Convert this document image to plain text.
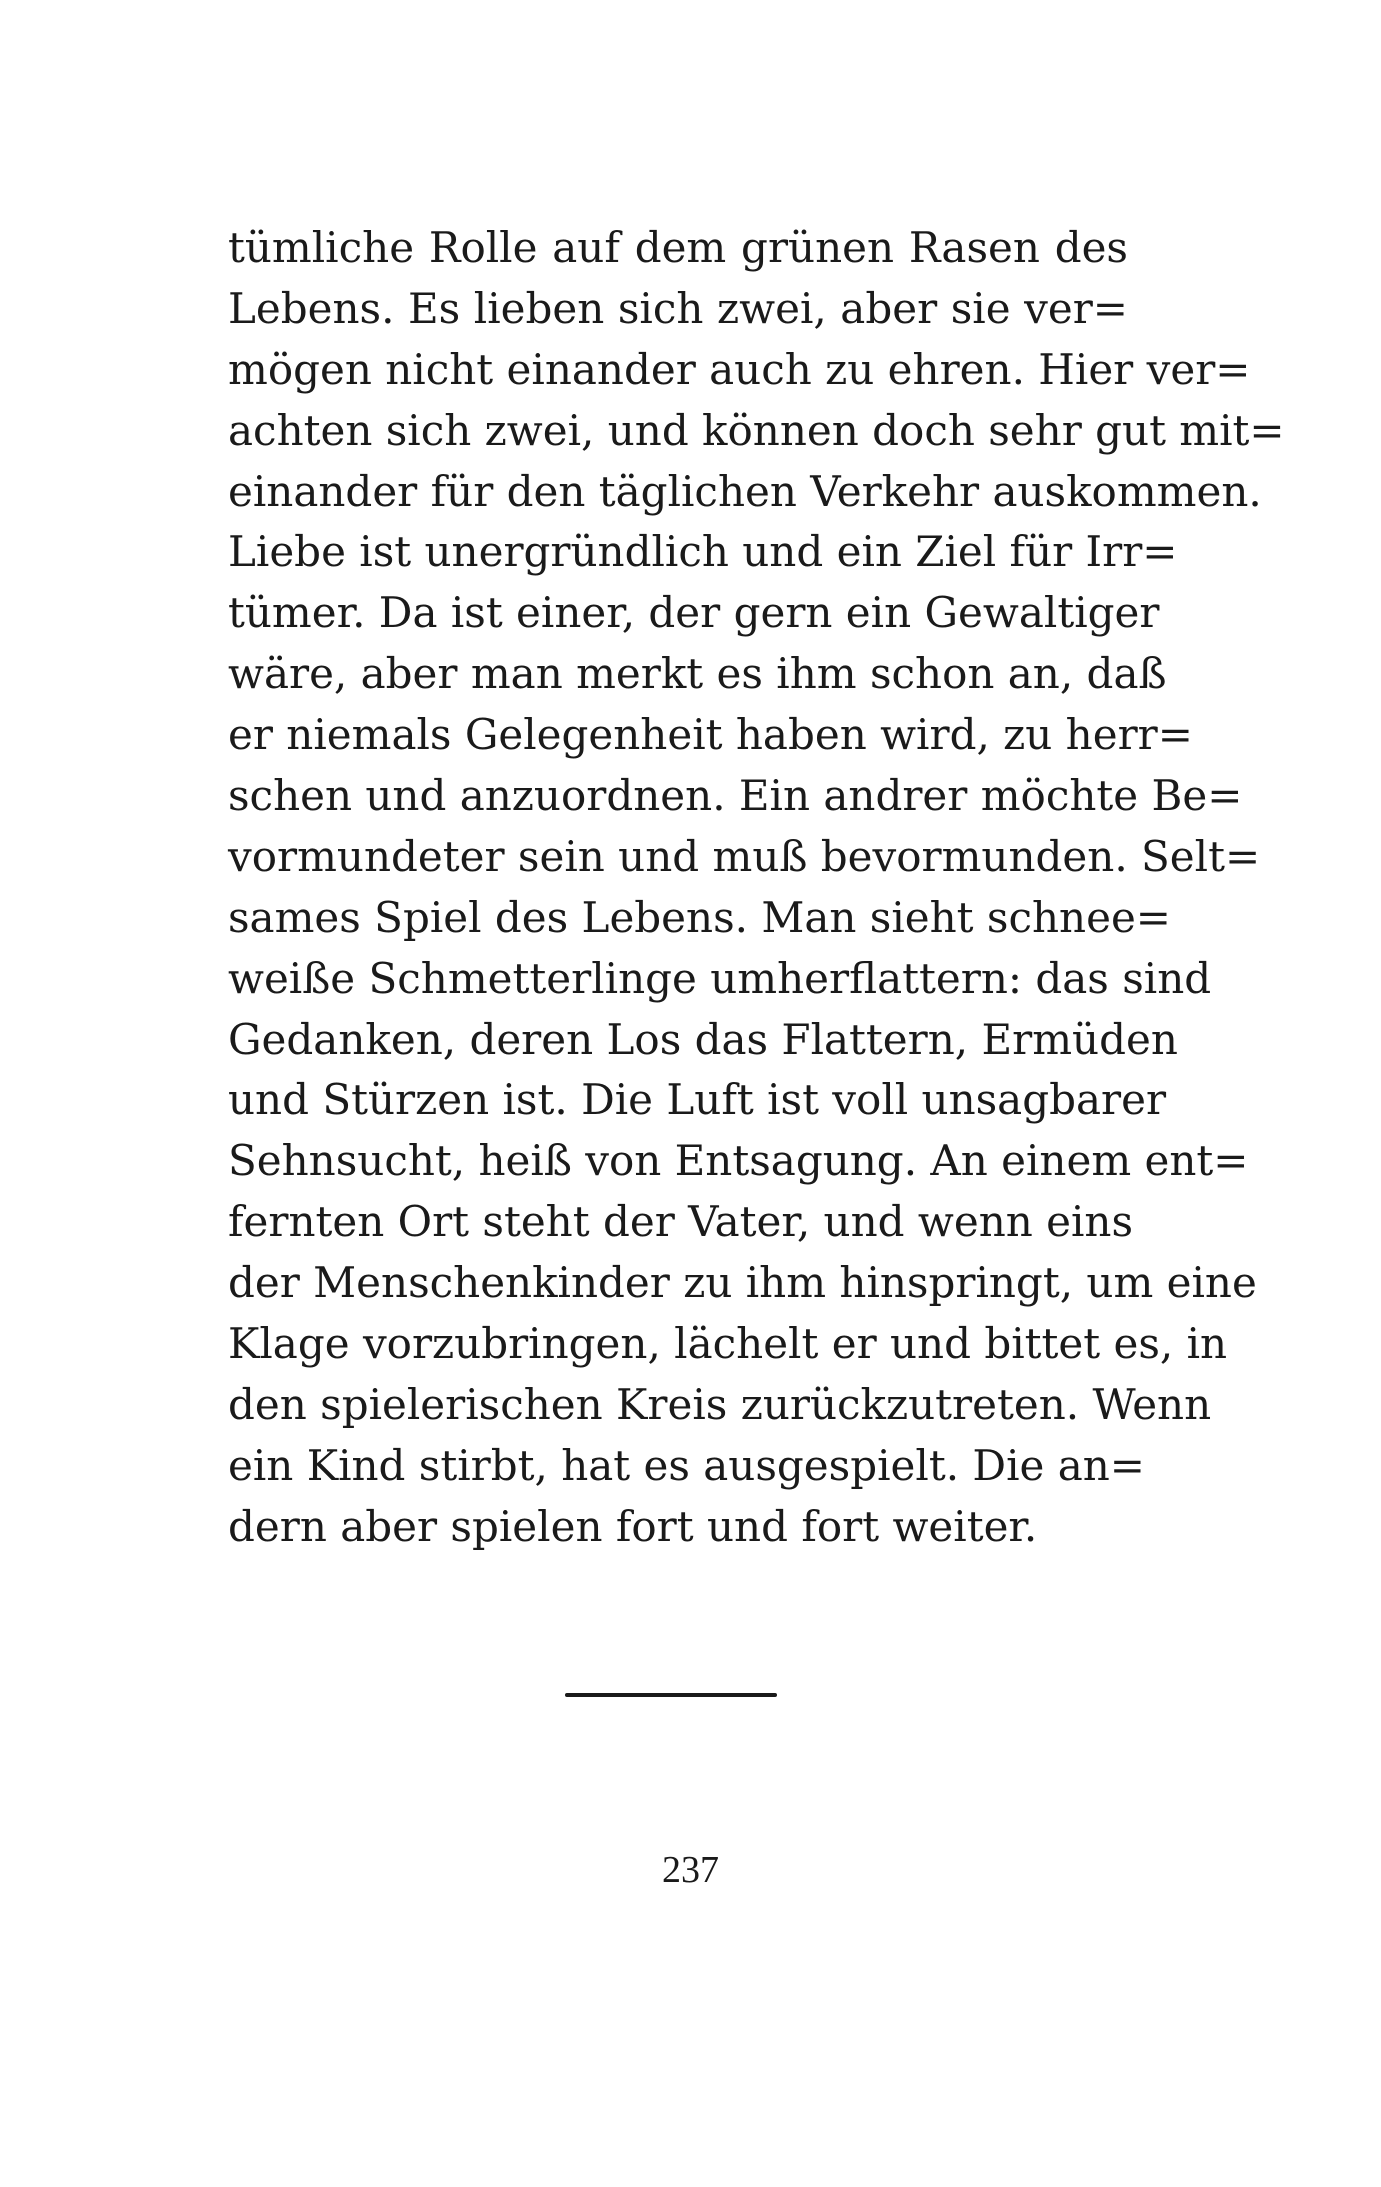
tümliche Rolle auf dem grünen Rasen des
Lebens. Es lieben sich zwei, aber sie ver=
mögen nicht einander auch zu ehren. Hier ver=
achten sich zwei, und können doch sehr gut mit=
einander für den täglichen Verkehr auskommen.
Liebe ist unergründlich und ein Ziel für Irr=
tümer. Da ist einer, der gern ein Gewaltiger
wäre, aber man merkt es ihm schon an, daß
er niemals Gelegenheit haben wird, zu herr=
schen und anzuordnen. Ein andrer möchte Be=
vormundeter sein und muß bevormunden. Selt=
sames Spiel des Lebens. Man sieht schnee=
weiße Schmetterlinge umherflattern: das sind
Gedanken, deren Los das Flattern, Ermüden
und Stürzen ist. Die Luft ist voll unsagbarer
Sehnsucht, heiß von Entsagung. An einem ent=
fernten Ort steht der Vater, und wenn eins
der Menschenkinder zu ihm hinspringt, um eine
Klage vorzubringen, lächelt er und bittet es, in
den spielerischen Kreis zurückzutreten. Wenn
ein Kind stirbt, hat es ausgespielt. Die an=
dern aber spielen fort und fort weiter.
237
